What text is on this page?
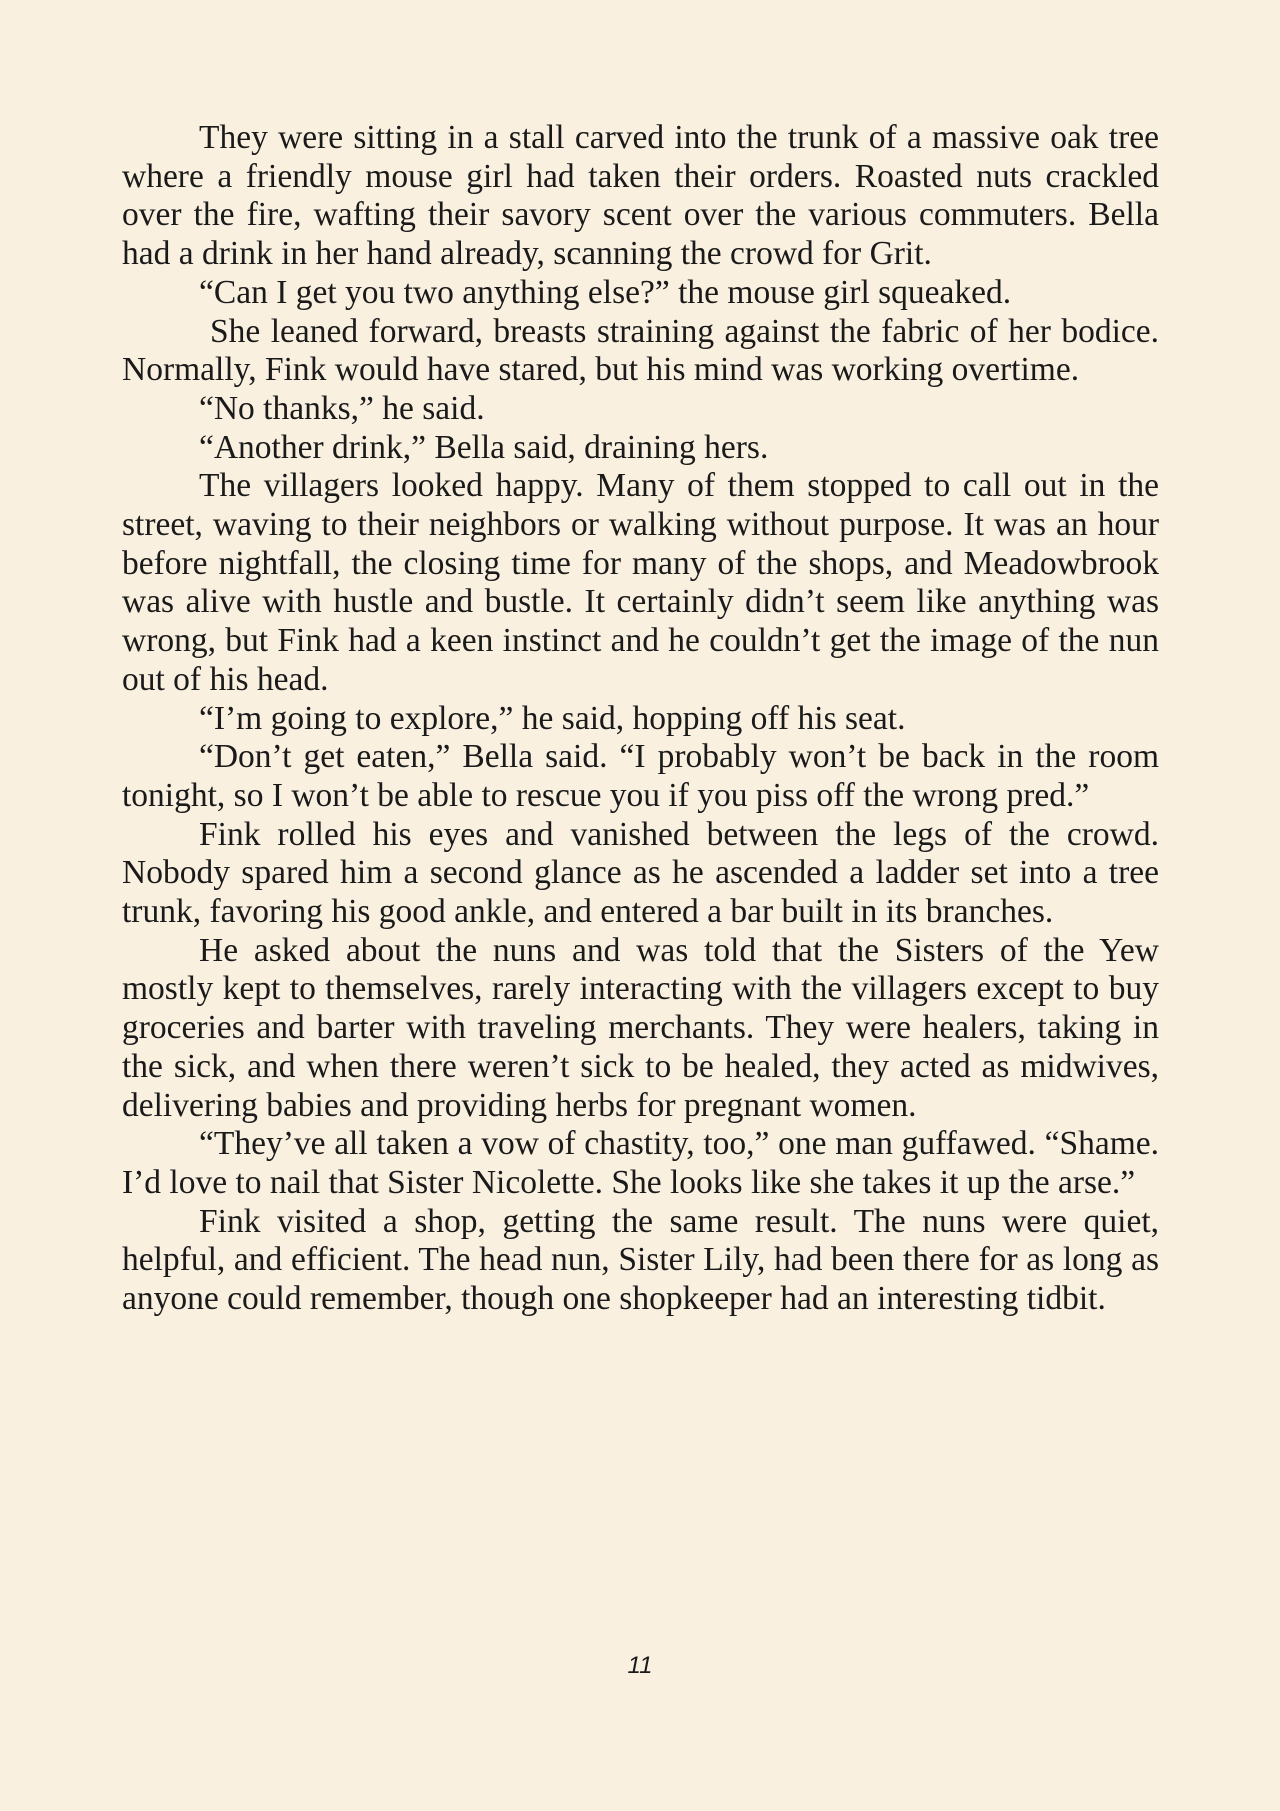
They were sitting in a stall carved into the trunk of a massive oak tree where a friendly mouse girl had taken their orders. Roasted nuts crackled over the fire, wafting their savory scent over the various commuters. Bella had a drink in her hand already, scanning the crowd for Grit.

“Can I get you two anything else?” the mouse girl squeaked.

She leaned forward, breasts straining against the fabric of her bodice. Normally, Fink would have stared, but his mind was working overtime.

“No thanks,” he said.

“Another drink,” Bella said, draining hers.

The villagers looked happy. Many of them stopped to call out in the street, waving to their neighbors or walking without purpose. It was an hour before nightfall, the closing time for many of the shops, and Meadowbrook was alive with hustle and bustle. It certainly didn’t seem like anything was wrong, but Fink had a keen instinct and he couldn’t get the image of the nun out of his head.

“I’m going to explore,” he said, hopping off his seat.

“Don’t get eaten,” Bella said. “I probably won’t be back in the room tonight, so I won’t be able to rescue you if you piss off the wrong pred.”

Fink rolled his eyes and vanished between the legs of the crowd. Nobody spared him a second glance as he ascended a ladder set into a tree trunk, favoring his good ankle, and entered a bar built in its branches.

He asked about the nuns and was told that the Sisters of the Yew mostly kept to themselves, rarely interacting with the villagers except to buy groceries and barter with traveling merchants. They were healers, taking in the sick, and when there weren’t sick to be healed, they acted as midwives, delivering babies and providing herbs for pregnant women.

“They’ve all taken a vow of chastity, too,” one man guffawed. “Shame. I’d love to nail that Sister Nicolette. She looks like she takes it up the arse.”

Fink visited a shop, getting the same result. The nuns were quiet, helpful, and efficient. The head nun, Sister Lily, had been there for as long as anyone could remember, though one shopkeeper had an interesting tidbit.

11
